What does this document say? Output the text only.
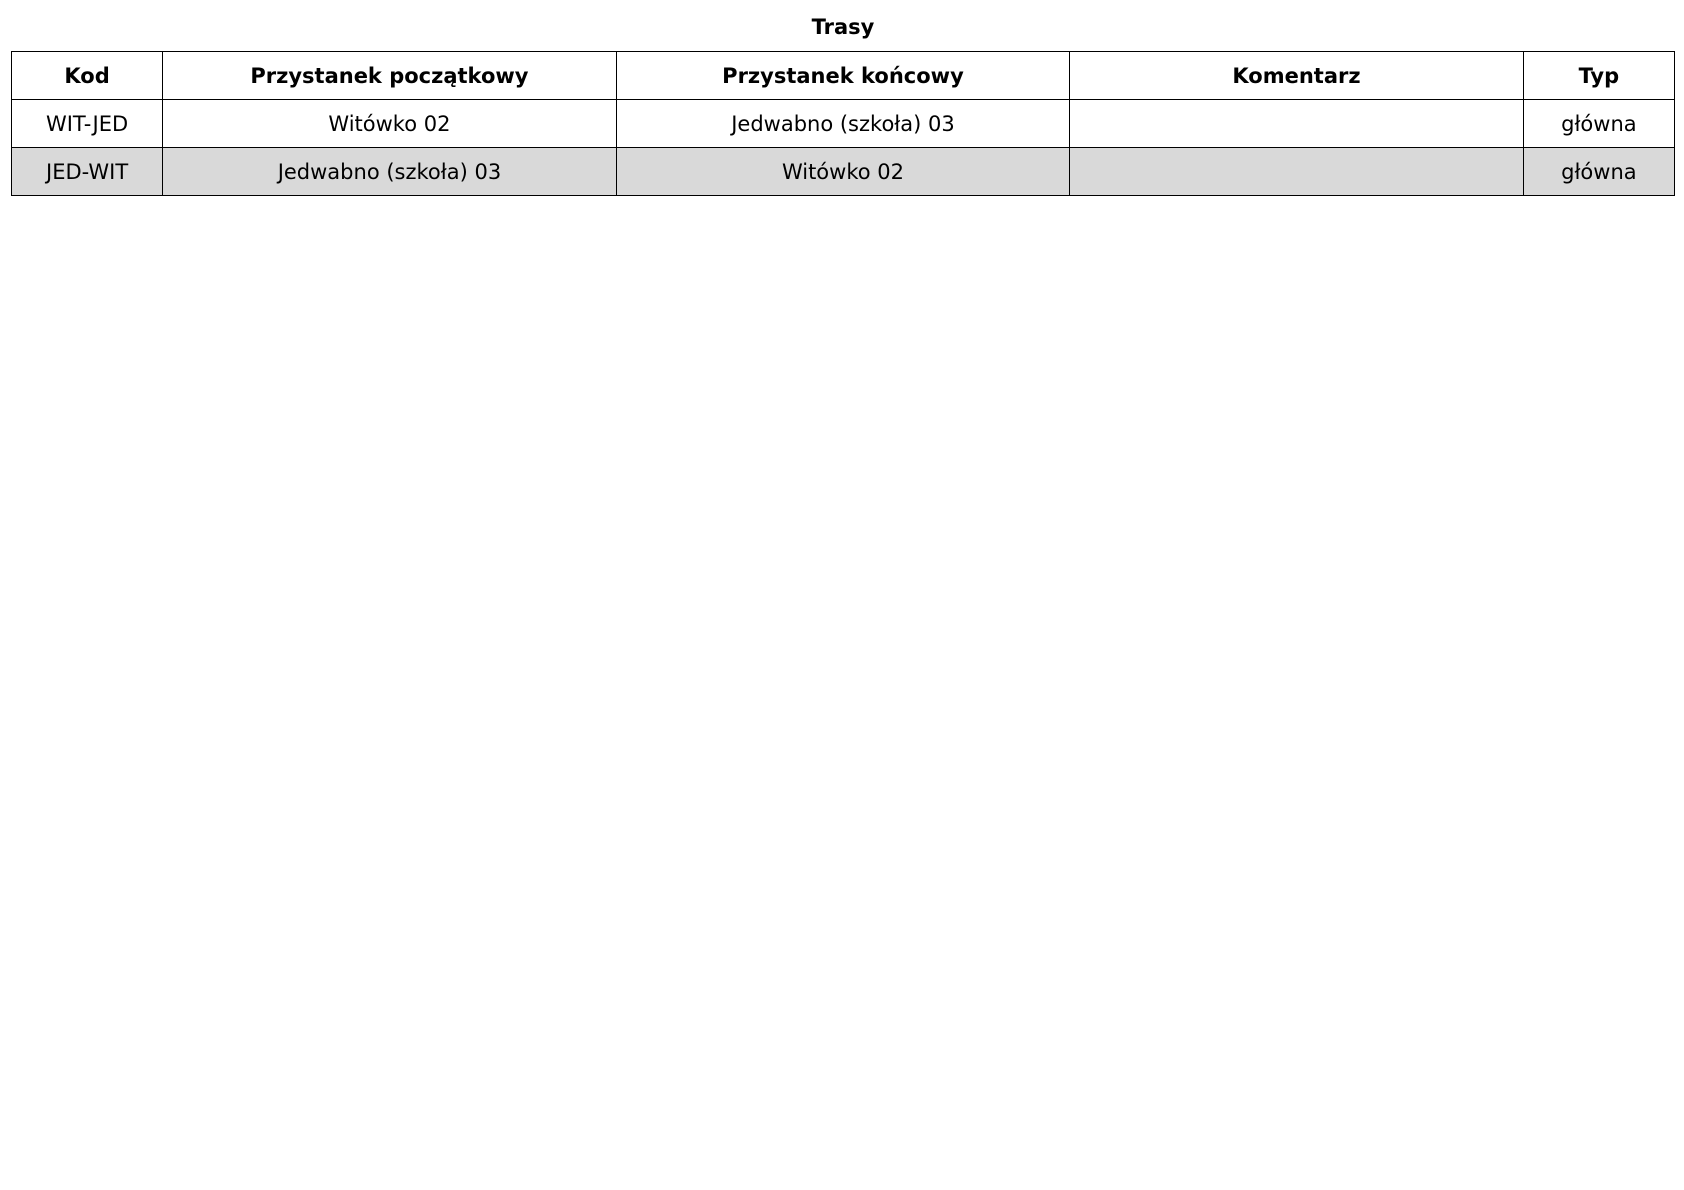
Trasy
Kod	Przystanek początkowy	Przystanek końcowy	Komentarz	Typ
WIT-JED	Witówko 02	Jedwabno (szkoła) 03		główna
JED-WIT	Jedwabno (szkoła) 03	Witówko 02		główna
